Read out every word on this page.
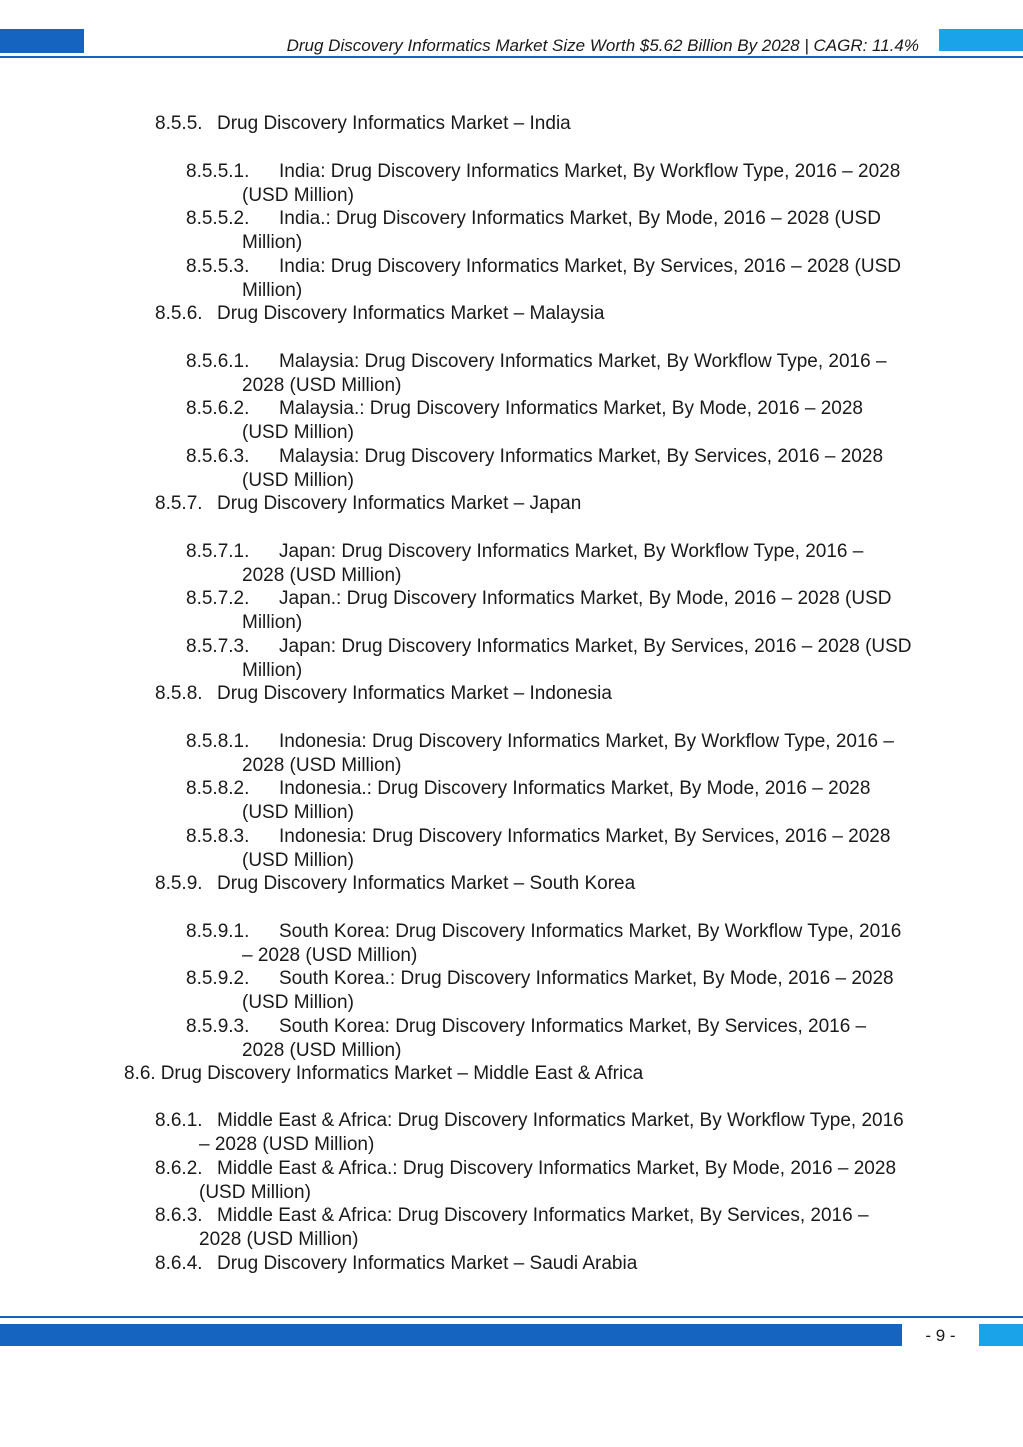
Drug Discovery Informatics Market Size Worth $5.62 Billion By 2028 | CAGR: 11.4%
8.5.5. Drug Discovery Informatics Market – India
8.5.5.1. India: Drug Discovery Informatics Market, By Workflow Type, 2016 – 2028
(USD Million)
8.5.5.2. India.: Drug Discovery Informatics Market, By Mode, 2016 – 2028 (USD
Million)
8.5.5.3. India: Drug Discovery Informatics Market, By Services, 2016 – 2028 (USD
Million)
8.5.6. Drug Discovery Informatics Market – Malaysia
8.5.6.1. Malaysia: Drug Discovery Informatics Market, By Workflow Type, 2016 –
2028 (USD Million)
8.5.6.2. Malaysia.: Drug Discovery Informatics Market, By Mode, 2016 – 2028
(USD Million)
8.5.6.3. Malaysia: Drug Discovery Informatics Market, By Services, 2016 – 2028
(USD Million)
8.5.7. Drug Discovery Informatics Market – Japan
8.5.7.1. Japan: Drug Discovery Informatics Market, By Workflow Type, 2016 –
2028 (USD Million)
8.5.7.2. Japan.: Drug Discovery Informatics Market, By Mode, 2016 – 2028 (USD
Million)
8.5.7.3. Japan: Drug Discovery Informatics Market, By Services, 2016 – 2028 (USD
Million)
8.5.8. Drug Discovery Informatics Market – Indonesia
8.5.8.1. Indonesia: Drug Discovery Informatics Market, By Workflow Type, 2016 –
2028 (USD Million)
8.5.8.2. Indonesia.: Drug Discovery Informatics Market, By Mode, 2016 – 2028
(USD Million)
8.5.8.3. Indonesia: Drug Discovery Informatics Market, By Services, 2016 – 2028
(USD Million)
8.5.9. Drug Discovery Informatics Market – South Korea
8.5.9.1. South Korea: Drug Discovery Informatics Market, By Workflow Type, 2016
– 2028 (USD Million)
8.5.9.2. South Korea.: Drug Discovery Informatics Market, By Mode, 2016 – 2028
(USD Million)
8.5.9.3. South Korea: Drug Discovery Informatics Market, By Services, 2016 –
2028 (USD Million)
8.6. Drug Discovery Informatics Market – Middle East & Africa
8.6.1. Middle East & Africa: Drug Discovery Informatics Market, By Workflow Type, 2016
– 2028 (USD Million)
8.6.2. Middle East & Africa.: Drug Discovery Informatics Market, By Mode, 2016 – 2028
(USD Million)
8.6.3. Middle East & Africa: Drug Discovery Informatics Market, By Services, 2016 –
2028 (USD Million)
8.6.4. Drug Discovery Informatics Market – Saudi Arabia
- 9 -
